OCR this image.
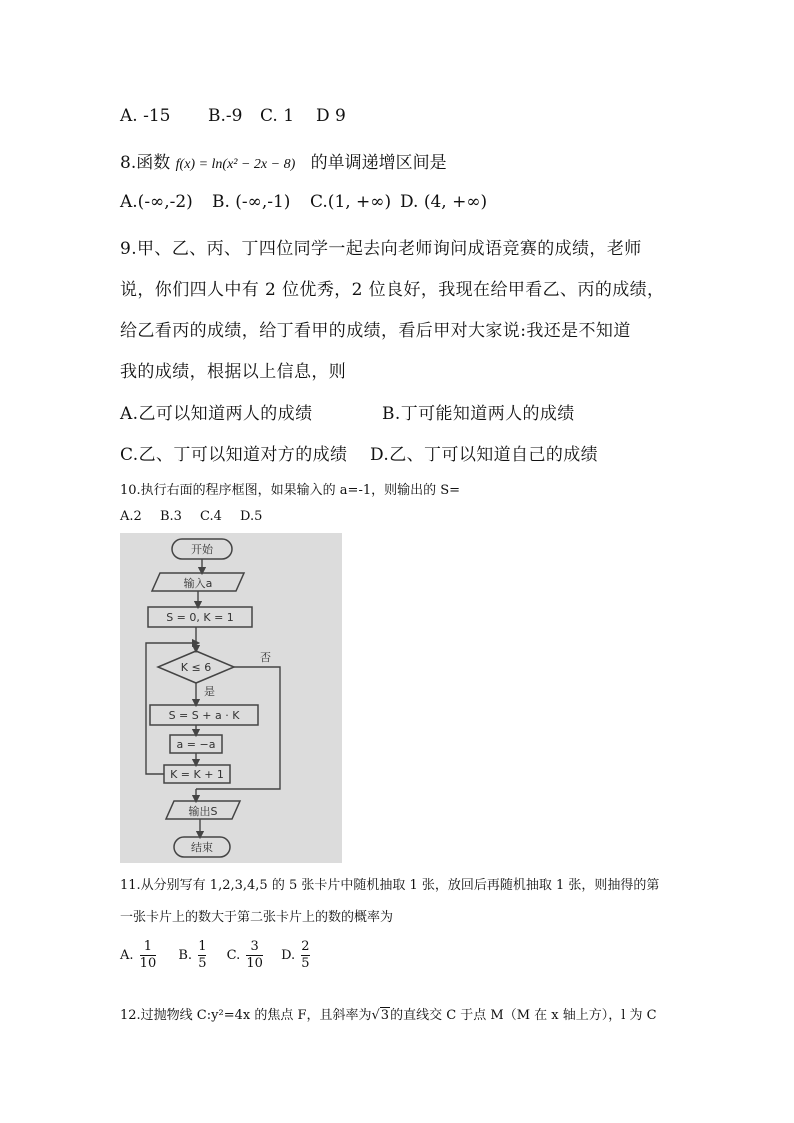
A. -15 B.-9 C. 1 D 9
8.函数 f(x) = ln(x² − 2x − 8) 的单调递增区间是
A.(-∞,-2) B. (-∞,-1) C.(1, +∞) D. (4, +∞)
9.甲、乙、丙、丁四位同学一起去向老师询问成语竞赛的成绩，老师
说，你们四人中有 2 位优秀，2 位良好，我现在给甲看乙、丙的成绩，
给乙看丙的成绩，给丁看甲的成绩，看后甲对大家说:我还是不知道
我的成绩，根据以上信息，则
A.乙可以知道两人的成绩	B.丁可能知道两人的成绩
C.乙、丁可以知道对方的成绩 D.乙、丁可以知道自己的成绩
10.执行右面的程序框图，如果输入的 a=-1，则输出的 S=
A.2 B.3 C.4 D.5
开始
输入a
S = 0, K = 1
K ≤ 6
否
是
S = S + a · K
a = −a
K = K + 1
输出S
结束
11.从分别写有 1,2,3,4,5 的 5 张卡片中随机抽取 1 张，放回后再随机抽取 1 张，则抽得的第
一张卡片上的数大于第二张卡片上的数的概率为
A. $\frac{1}{10} B$. $\frac{1}{5} C$. $\frac{3}{10} D$. $\frac{2}{5}$
12.过抛物线 C:y²=4x 的焦点 F，且斜率为√3的直线交 C 于点 M（M 在 x 轴上方），l 为 C
